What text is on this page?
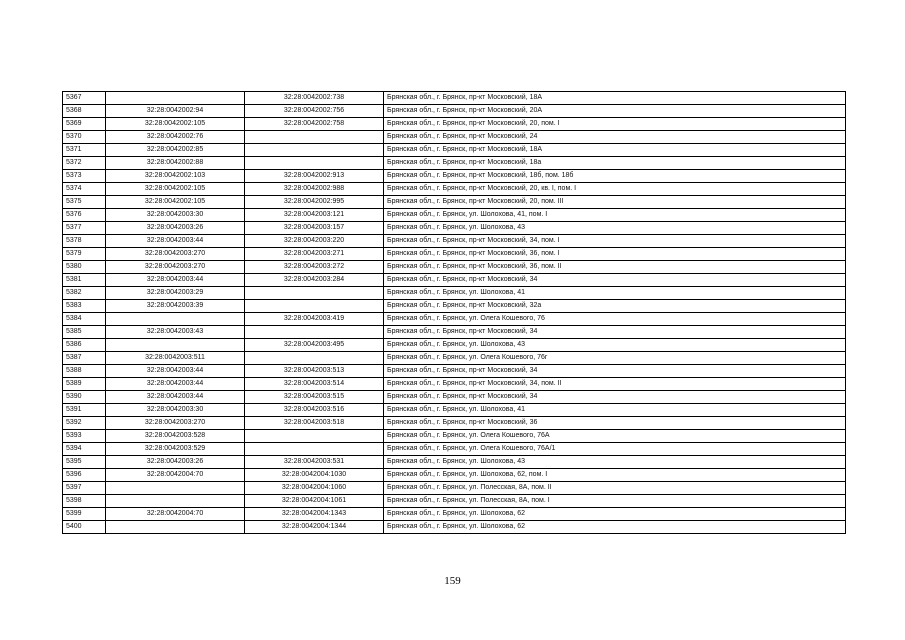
5367		32:28:0042002:738	Брянская обл., г. Брянск, пр-кт Московский, 18А
5368	32:28:0042002:94	32:28:0042002:756	Брянская обл., г. Брянск, пр-кт Московский, 20А
5369	32:28:0042002:105	32:28:0042002:758	Брянская обл., г. Брянск, пр-кт Московский, 20, пом. I
5370	32:28:0042002:76		Брянская обл., г. Брянск, пр-кт Московский, 24
5371	32:28:0042002:85		Брянская обл., г. Брянск, пр-кт Московский, 18А
5372	32:28:0042002:88		Брянская обл., г. Брянск, пр-кт Московский, 18а
5373	32:28:0042002:103	32:28:0042002:913	Брянская обл., г. Брянск, пр-кт Московский, 18б, пом. 18б
5374	32:28:0042002:105	32:28:0042002:988	Брянская обл., г. Брянск, пр-кт Московский, 20, кв. I, пом. I
5375	32:28:0042002:105	32:28:0042002:995	Брянская обл., г. Брянск, пр-кт Московский, 20, пом. III
5376	32:28:0042003:30	32:28:0042003:121	Брянская обл., г. Брянск, ул. Шолохова, 41, пом. I
5377	32:28:0042003:26	32:28:0042003:157	Брянская обл., г. Брянск, ул. Шолохова, 43
5378	32:28:0042003:44	32:28:0042003:220	Брянская обл., г. Брянск, пр-кт Московский, 34, пом. I
5379	32:28:0042003:270	32:28:0042003:271	Брянская обл., г. Брянск, пр-кт Московский, 36, пом. I
5380	32:28:0042003:270	32:28:0042003:272	Брянская обл., г. Брянск, пр-кт Московский, 36, пом. II
5381	32:28:0042003:44	32:28:0042003:284	Брянская обл., г. Брянск, пр-кт Московский, 34
5382	32:28:0042003:29		Брянская обл., г. Брянск, ул. Шолохова, 41
5383	32:28:0042003:39		Брянская обл., г. Брянск, пр-кт Московский, 32а
5384		32:28:0042003:419	Брянская обл., г. Брянск, ул. Олега Кошевого, 76
5385	32:28:0042003:43		Брянская обл., г. Брянск, пр-кт Московский, 34
5386		32:28:0042003:495	Брянская обл., г. Брянск, ул. Шолохова, 43
5387	32:28:0042003:511		Брянская обл., г. Брянск, ул. Олега Кошевого, 76г
5388	32:28:0042003:44	32:28:0042003:513	Брянская обл., г. Брянск, пр-кт Московский, 34
5389	32:28:0042003:44	32:28:0042003:514	Брянская обл., г. Брянск, пр-кт Московский, 34, пом. II
5390	32:28:0042003:44	32:28:0042003:515	Брянская обл., г. Брянск, пр-кт Московский, 34
5391	32:28:0042003:30	32:28:0042003:516	Брянская обл., г. Брянск, ул. Шолохова, 41
5392	32:28:0042003:270	32:28:0042003:518	Брянская обл., г. Брянск, пр-кт Московский, 36
5393	32:28:0042003:528		Брянская обл., г. Брянск, ул. Олега Кошевого, 76А
5394	32:28:0042003:529		Брянская обл., г. Брянск, ул. Олега Кошевого, 76А/1
5395	32:28:0042003:26	32:28:0042003:531	Брянская обл., г. Брянск, ул. Шолохова, 43
5396	32:28:0042004:70	32:28:0042004:1030	Брянская обл., г. Брянск, ул. Шолохова, 62, пом. I
5397		32:28:0042004:1060	Брянская обл., г. Брянск, ул. Полесская, 8А, пом. II
5398		32:28:0042004:1061	Брянская обл., г. Брянск, ул. Полесская, 8А, пом. I
5399	32:28:0042004:70	32:28:0042004:1343	Брянская обл., г. Брянск, ул. Шолохова, 62
5400		32:28:0042004:1344	Брянская обл., г. Брянск, ул. Шолохова, 62
159
